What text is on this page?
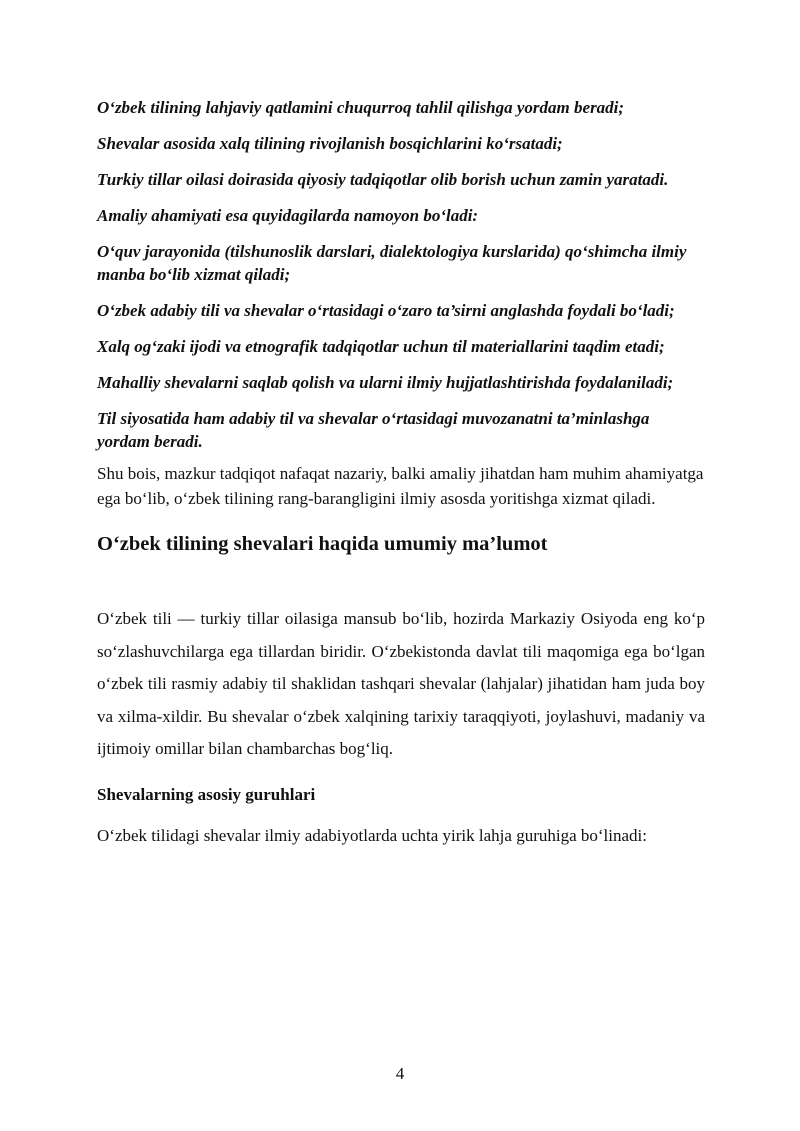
O‘zbek tilining lahjaviy qatlamini chuqurroq tahlil qilishga yordam beradi;

Shevalar asosida xalq tilining rivojlanish bosqichlarini ko‘rsatadi;

Turkiy tillar oilasi doirasida qiyosiy tadqiqotlar olib borish uchun zamin yaratadi.

Amaliy ahamiyati esa quyidagilarda namoyon bo‘ladi:

O‘quv jarayonida (tilshunoslik darslari, dialektologiya kurslarida) qo‘shimcha ilmiy manba bo‘lib xizmat qiladi;

O‘zbek adabiy tili va shevalar o‘rtasidagi o‘zaro ta’sirni anglashda foydali bo‘ladi;

Xalq og‘zaki ijodi va etnografik tadqiqotlar uchun til materiallarini taqdim etadi;

Mahalliy shevalarni saqlab qolish va ularni ilmiy hujjatlashtirishda foydalaniladi;

Til siyosatida ham adabiy til va shevalar o‘rtasidagi muvozanatni ta’minlashga yordam beradi.

Shu bois, mazkur tadqiqot nafaqat nazariy, balki amaliy jihatdan ham muhim ahamiyatga ega bo‘lib, o‘zbek tilining rang-barangligini ilmiy asosda yoritishga xizmat qiladi.

O‘zbek tilining shevalari haqida umumiy ma’lumot

O‘zbek tili — turkiy tillar oilasiga mansub bo‘lib, hozirda Markaziy Osiyoda eng ko‘p so‘zlashuvchilarga ega tillardan biridir. O‘zbekistonda davlat tili maqomiga ega bo‘lgan o‘zbek tili rasmiy adabiy til shaklidan tashqari shevalar (lahjalar) jihatidan ham juda boy va xilma-xildir. Bu shevalar o‘zbek xalqining tarixiy taraqqiyoti, joylashuvi, madaniy va ijtimoiy omillar bilan chambarchas bog‘liq.

Shevalarning asosiy guruhlari

O‘zbek tilidagi shevalar ilmiy adabiyotlarda uchta yirik lahja guruhiga bo‘linadi:

4
